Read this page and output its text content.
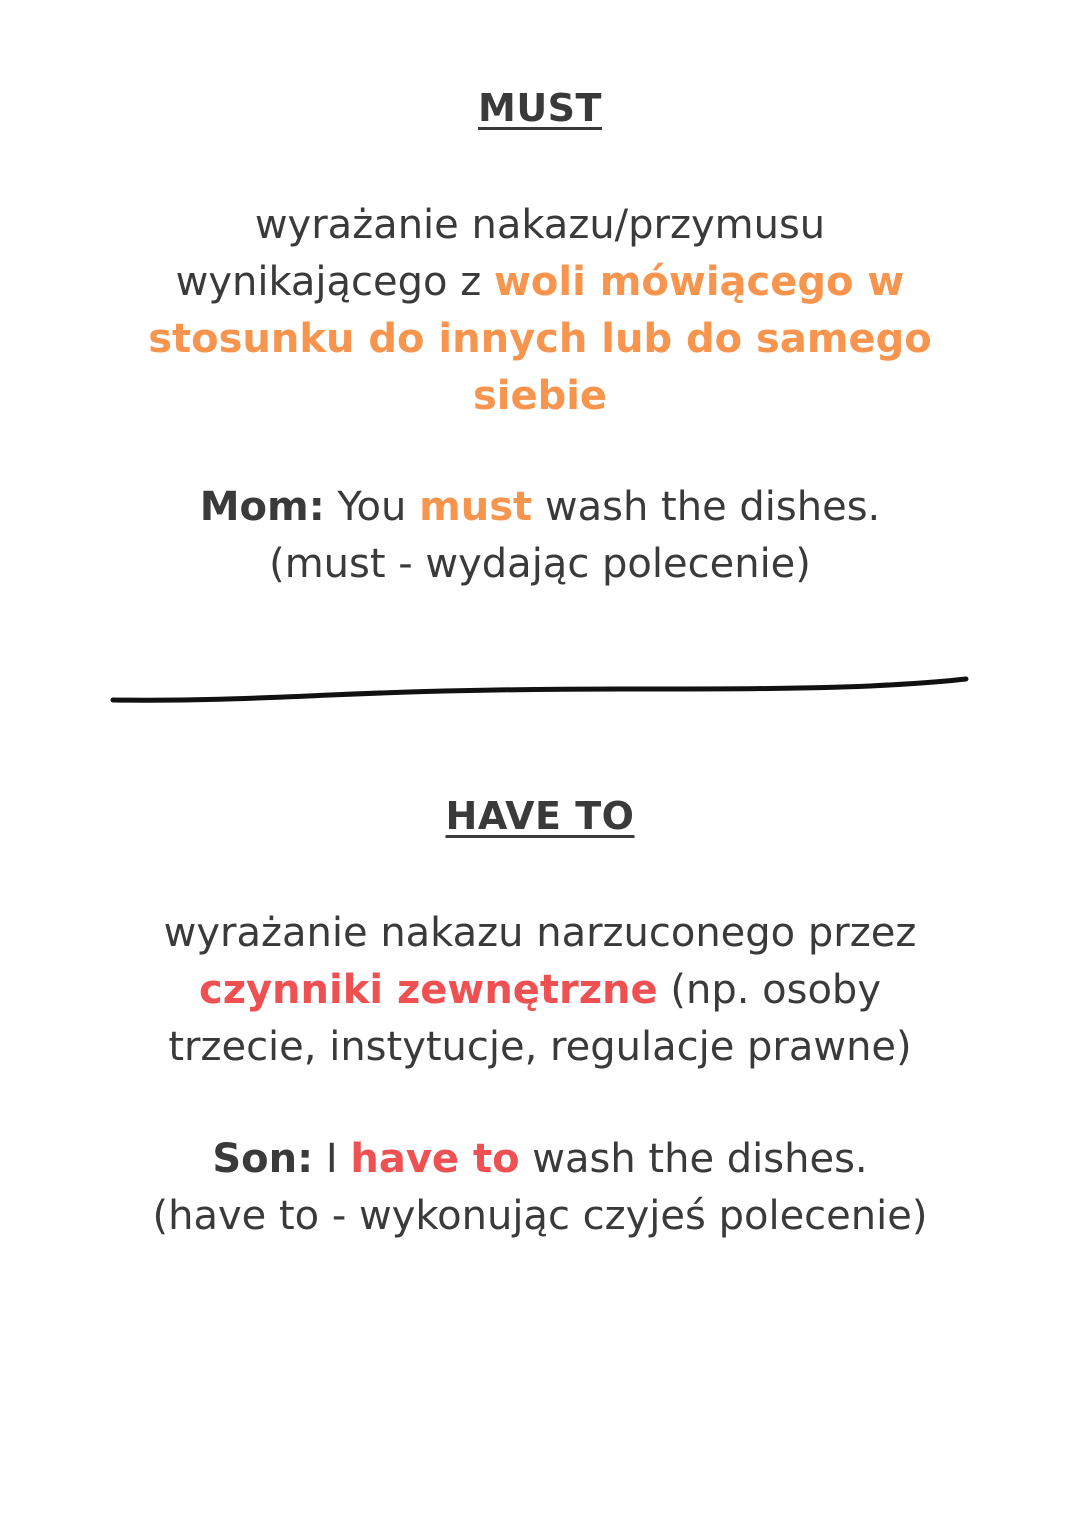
MUST

wyrażanie nakazu/przymusu

wynikającego z woli mówiącego w

stosunku do innych lub do samego

siebie

Mom: You must wash the dishes.

(must - wydając polecenie)

HAVE TO

wyrażanie nakazu narzuconego przez

czynniki zewnętrzne (np. osoby

trzecie, instytucje, regulacje prawne)

Son: I have to wash the dishes.

(have to - wykonując czyjeś polecenie)
